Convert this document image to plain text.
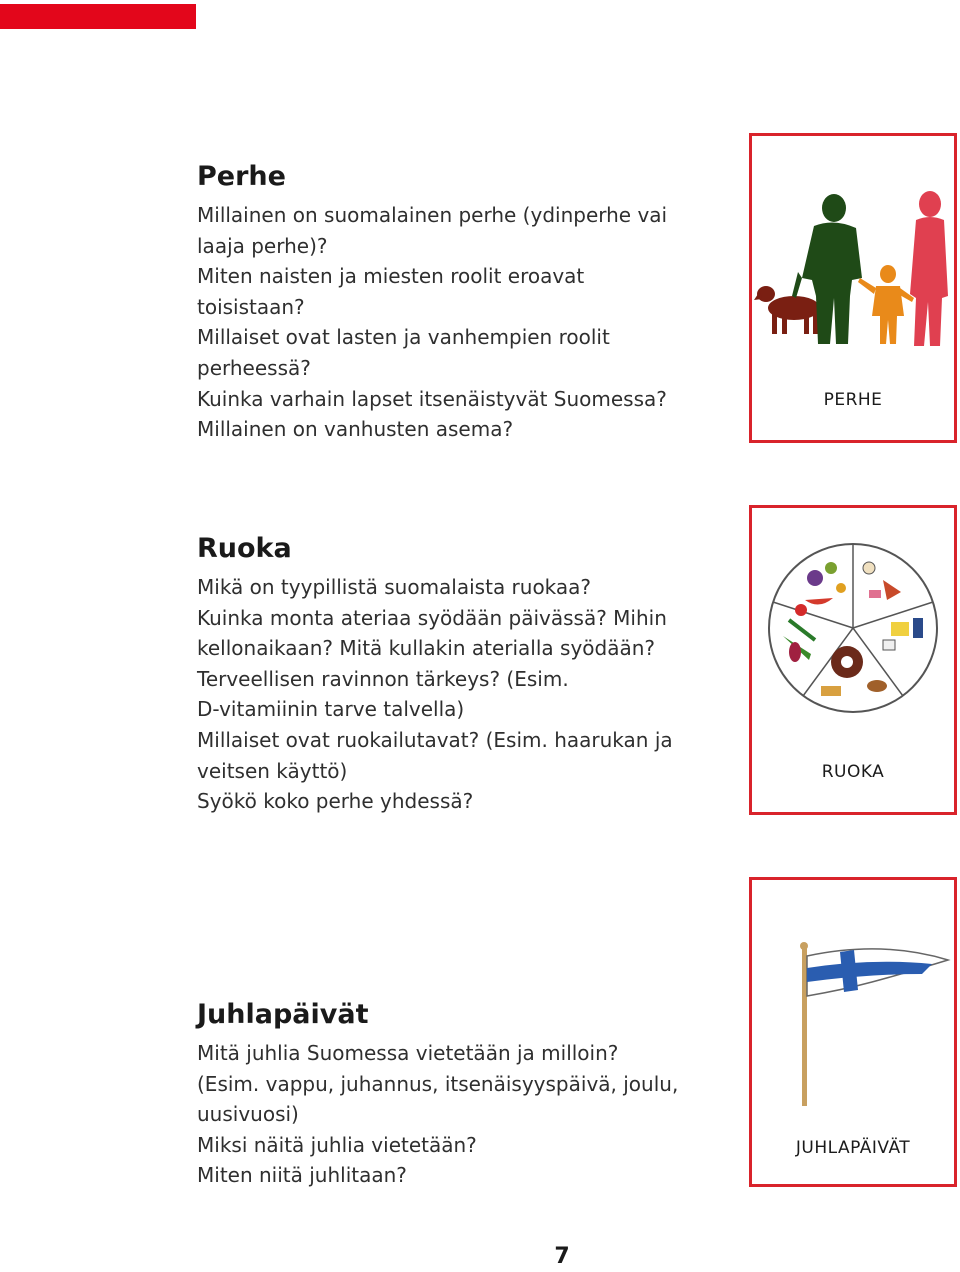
Perhe
Millainen on suomalainen perhe (ydinperhe vai
laaja perhe)?
Miten naisten ja miesten roolit eroavat
toisistaan?
Millaiset ovat lasten ja vanhempien roolit
perheessä?
Kuinka varhain lapset itsenäistyvät Suomessa?
Millainen on vanhusten asema?
Ruoka
Mikä on tyypillistä suomalaista ruokaa?
Kuinka monta ateriaa syödään päivässä? Mihin
kellonaikaan? Mitä kullakin aterialla syödään?
Terveellisen ravinnon tärkeys? (Esim.
D-vitamiinin tarve talvella)
Millaiset ovat ruokailutavat? (Esim. haarukan ja
veitsen käyttö)
Syökö koko perhe yhdessä?
Juhlapäivät
Mitä juhlia Suomessa vietetään ja milloin?
(Esim. vappu, juhannus, itsenäisyyspäivä, joulu,
uusivuosi)
Miksi näitä juhlia vietetään?
Miten niitä juhlitaan?
PERHE
RUOKA
JUHLAPÄIVÄT
7
